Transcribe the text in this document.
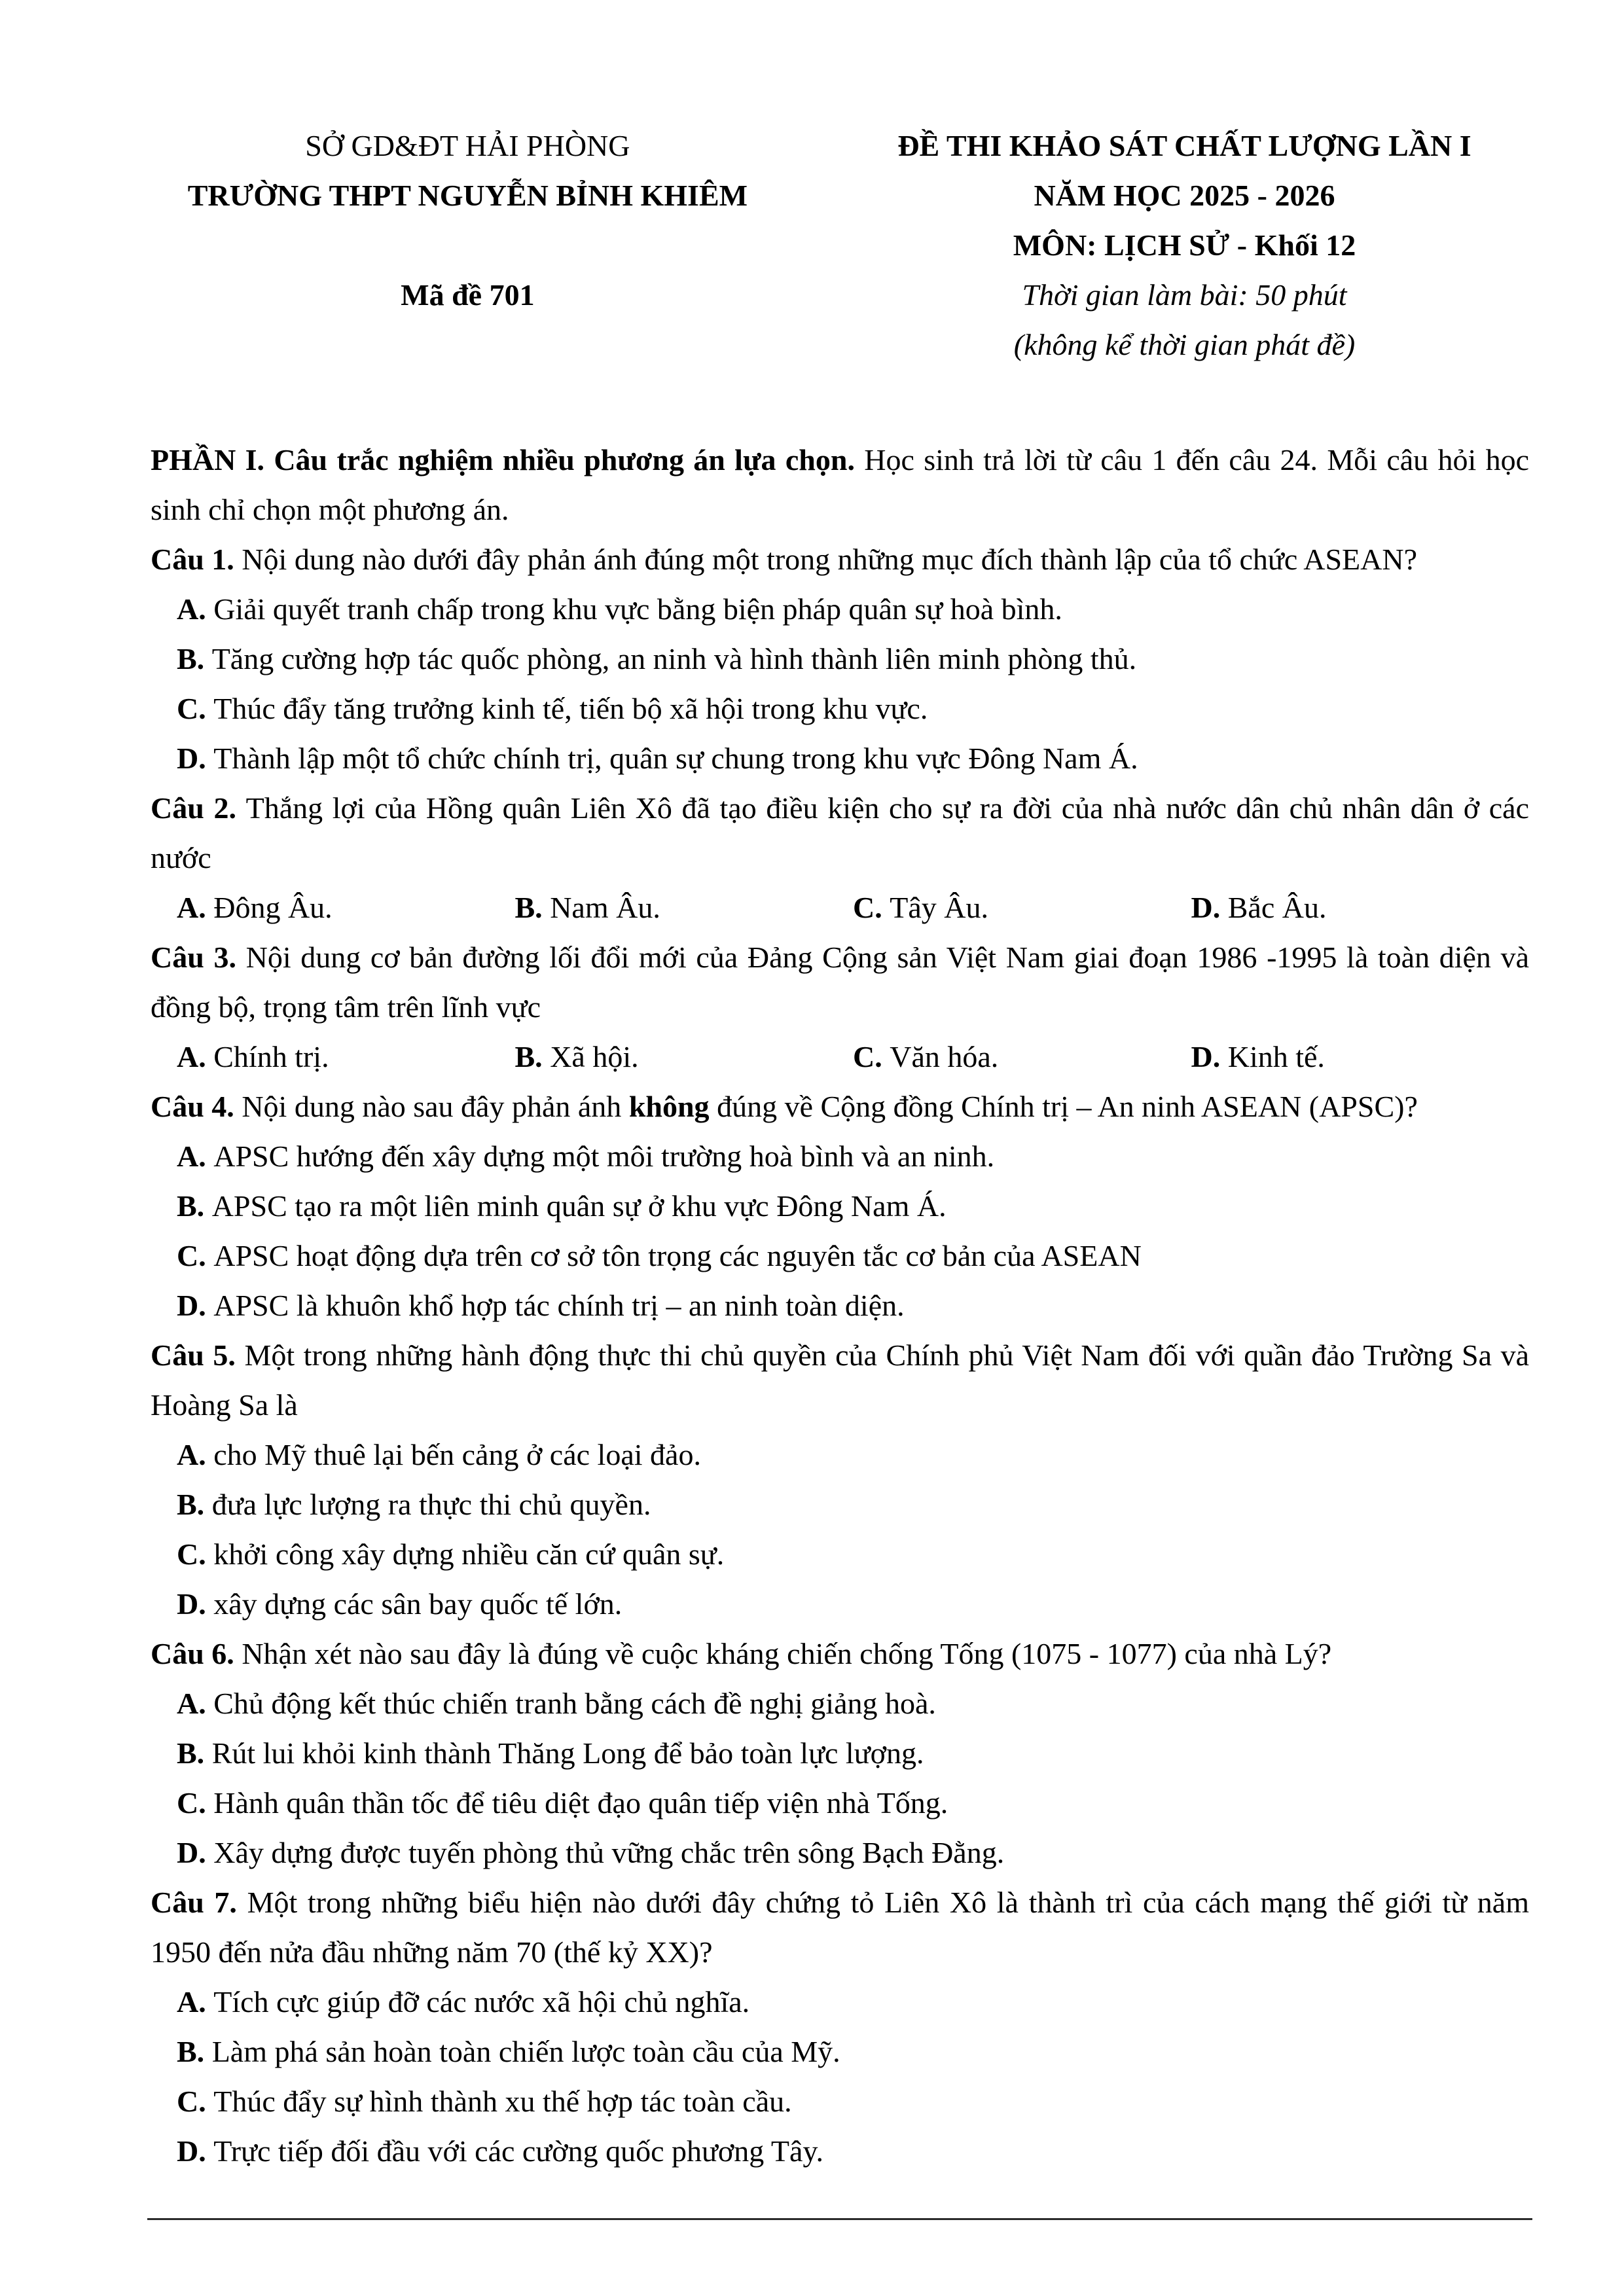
SỞ GD&ĐT HẢI PHÒNG
TRƯỜNG THPT NGUYỄN BỈNH KHIÊM
Mã đề 701
ĐỀ THI KHẢO SÁT CHẤT LƯỢNG LẦN I
NĂM HỌC 2025 - 2026
MÔN: LỊCH SỬ - Khối 12
Thời gian làm bài: 50 phút
(không kể thời gian phát đề)

PHẦN I. Câu trắc nghiệm nhiều phương án lựa chọn. Học sinh trả lời từ câu 1 đến câu 24. Mỗi câu hỏi học sinh chỉ chọn một phương án.

Câu 1. Nội dung nào dưới đây phản ánh đúng một trong những mục đích thành lập của tổ chức ASEAN?

A. Giải quyết tranh chấp trong khu vực bằng biện pháp quân sự hoà bình.
B. Tăng cường hợp tác quốc phòng, an ninh và hình thành liên minh phòng thủ.
C. Thúc đẩy tăng trưởng kinh tế, tiến bộ xã hội trong khu vực.
D. Thành lập một tổ chức chính trị, quân sự chung trong khu vực Đông Nam Á.

Câu 2. Thắng lợi của Hồng quân Liên Xô đã tạo điều kiện cho sự ra đời của nhà nước dân chủ nhân dân ở các nước

A. Đông Âu.	B. Nam Âu.	C. Tây Âu.	D. Bắc Âu.

Câu 3. Nội dung cơ bản đường lối đổi mới của Đảng Cộng sản Việt Nam giai đoạn 1986 -1995 là toàn diện và đồng bộ, trọng tâm trên lĩnh vực

A. Chính trị.	B. Xã hội.	C. Văn hóa.	D. Kinh tế.

Câu 4. Nội dung nào sau đây phản ánh không đúng về Cộng đồng Chính trị – An ninh ASEAN (APSC)?

A. APSC hướng đến xây dựng một môi trường hoà bình và an ninh.
B. APSC tạo ra một liên minh quân sự ở khu vực Đông Nam Á.
C. APSC hoạt động dựa trên cơ sở tôn trọng các nguyên tắc cơ bản của ASEAN
D. APSC là khuôn khổ hợp tác chính trị – an ninh toàn diện.

Câu 5. Một trong những hành động thực thi chủ quyền của Chính phủ Việt Nam đối với quần đảo Trường Sa và Hoàng Sa là

A. cho Mỹ thuê lại bến cảng ở các loại đảo.
B. đưa lực lượng ra thực thi chủ quyền.
C. khởi công xây dựng nhiều căn cứ quân sự.
D. xây dựng các sân bay quốc tế lớn.

Câu 6. Nhận xét nào sau đây là đúng về cuộc kháng chiến chống Tống (1075 - 1077) của nhà Lý?

A. Chủ động kết thúc chiến tranh bằng cách đề nghị giảng hoà.
B. Rút lui khỏi kinh thành Thăng Long để bảo toàn lực lượng.
C. Hành quân thần tốc để tiêu diệt đạo quân tiếp viện nhà Tống.
D. Xây dựng được tuyến phòng thủ vững chắc trên sông Bạch Đằng.

Câu 7. Một trong những biểu hiện nào dưới đây chứng tỏ Liên Xô là thành trì của cách mạng thế giới từ năm 1950 đến nửa đầu những năm 70 (thế kỷ XX)?

A. Tích cực giúp đỡ các nước xã hội chủ nghĩa.
B. Làm phá sản hoàn toàn chiến lược toàn cầu của Mỹ.
C. Thúc đẩy sự hình thành xu thế hợp tác toàn cầu.
D. Trực tiếp đối đầu với các cường quốc phương Tây.
